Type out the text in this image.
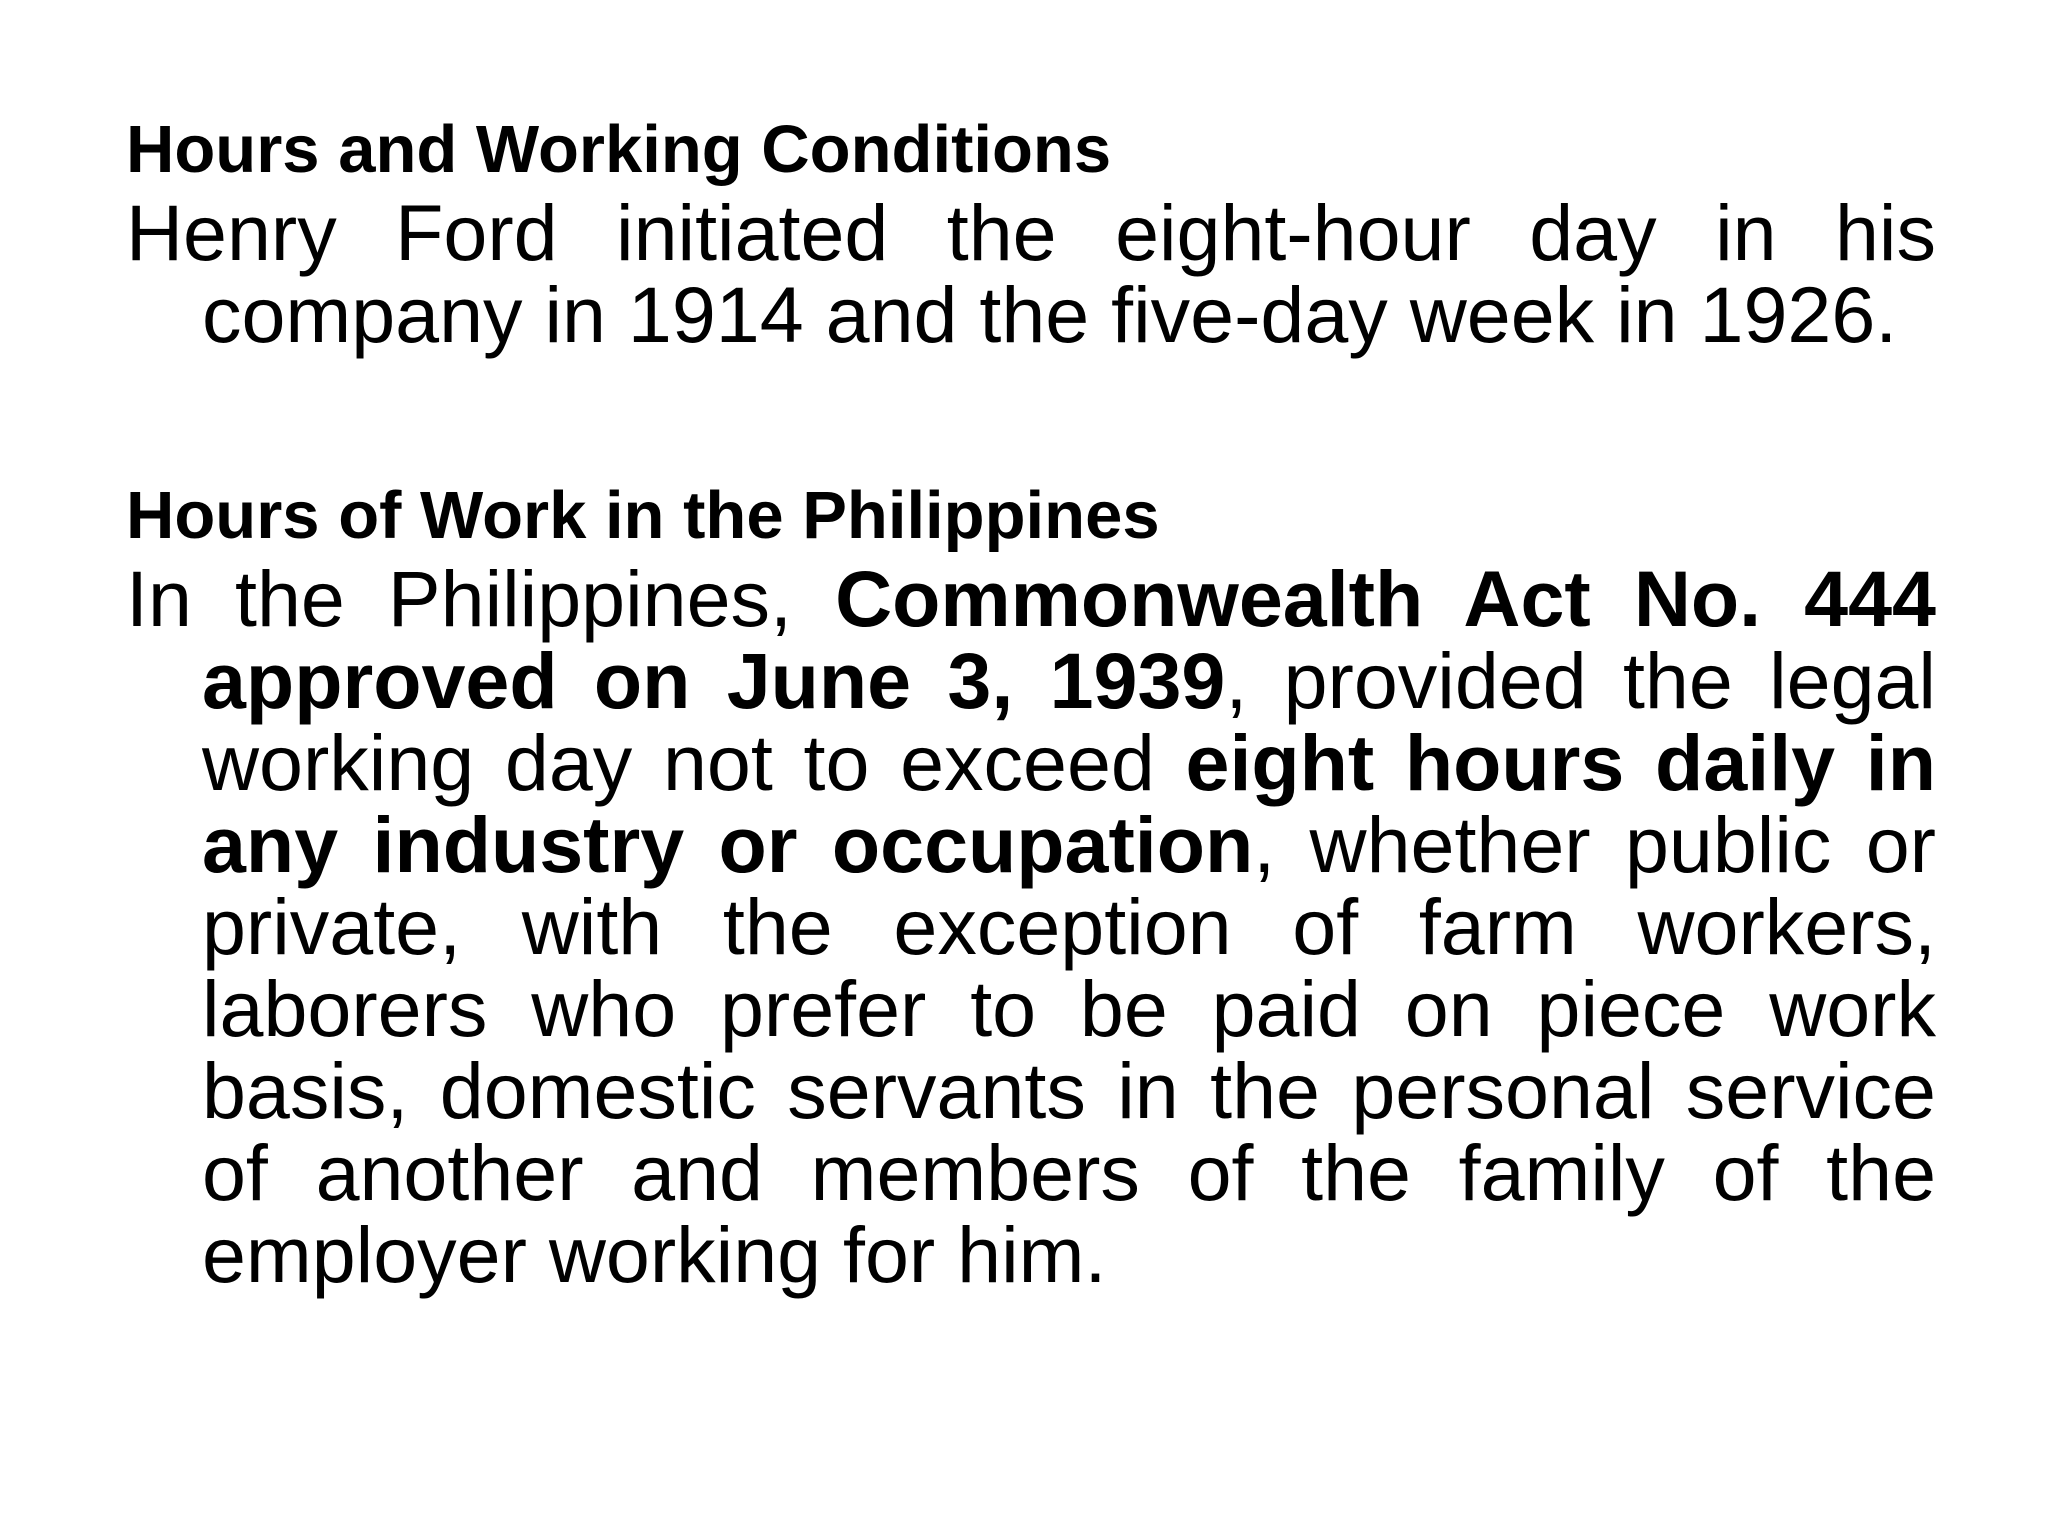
Hours and Working Conditions

Henry Ford initiated the eight-hour day in his company in 1914 and the five-day week in 1926.

Hours of Work in the Philippines

In the Philippines, Commonwealth Act No. 444 approved on June 3, 1939, provided the legal working day not to exceed eight hours daily in any industry or occupation, whether public or private, with the exception of farm workers, laborers who prefer to be paid on piece work basis, domestic servants in the personal service of another and members of the family of the employer working for him.
